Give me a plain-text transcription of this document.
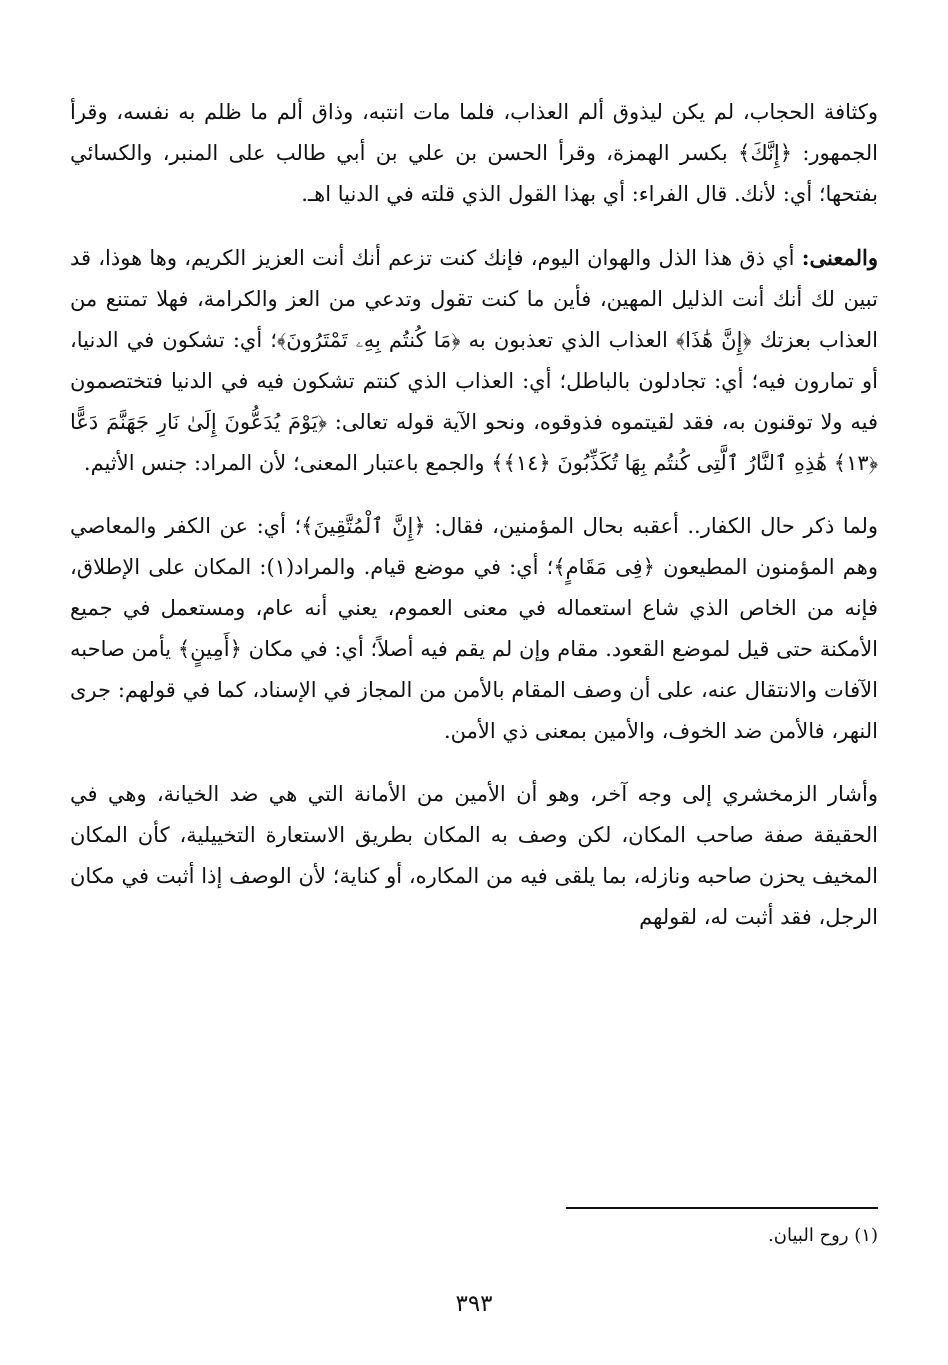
وكثافة الحجاب، لم يكن ليذوق ألم العذاب، فلما مات انتبه، وذاق ألم ما ظلم به نفسه، وقرأ الجمهور: ﴿إِنَّكَ﴾ بكسر الهمزة، وقرأ الحسن بن علي بن أبي طالب على المنبر، والكسائي بفتحها؛ أي: لأنك. قال الفراء: أي بهذا القول الذي قلته في الدنيا اهـ.

والمعنى: أي ذق هذا الذل والهوان اليوم، فإنك كنت تزعم أنك أنت العزيز الكريم، وها هوذا، قد تبين لك أنك أنت الذليل المهين، فأين ما كنت تقول وتدعي من العز والكرامة، فهلا تمتنع من العذاب بعزتك ﴿إِنَّ هَٰذَا﴾ العذاب الذي تعذبون به ﴿مَا كُنتُم بِهِۦ تَمْتَرُونَ﴾؛ أي: تشكون في الدنيا، أو تمارون فيه؛ أي: تجادلون بالباطل؛ أي: العذاب الذي كنتم تشكون فيه في الدنيا فتختصمون فيه ولا توقنون به، فقد لقيتموه فذوقوه، ونحو الآية قوله تعالى: ﴿يَوْمَ يُدَعُّونَ إِلَىٰ نَارِ جَهَنَّمَ دَعًّا ﴿١٣﴾ هَٰذِهِ ٱلنَّارُ ٱلَّتِى كُنتُم بِهَا تُكَذِّبُونَ ﴿١٤﴾﴾ والجمع باعتبار المعنى؛ لأن المراد: جنس الأثيم.

ولما ذكر حال الكفار.. أعقبه بحال المؤمنين، فقال: ﴿إِنَّ ٱلْمُتَّقِينَ﴾؛ أي: عن الكفر والمعاصي وهم المؤمنون المطيعون ﴿فِى مَقَامٍ﴾؛ أي: في موضع قيام. والمراد(١): المكان على الإطلاق، فإنه من الخاص الذي شاع استعماله في معنى العموم، يعني أنه عام، ومستعمل في جميع الأمكنة حتى قيل لموضع القعود. مقام وإن لم يقم فيه أصلاً؛ أي: في مكان ﴿أَمِينٍ﴾ يأمن صاحبه الآفات والانتقال عنه، على أن وصف المقام بالأمن من المجاز في الإسناد، كما في قولهم: جرى النهر، فالأمن ضد الخوف، والأمين بمعنى ذي الأمن.

وأشار الزمخشري إلى وجه آخر، وهو أن الأمين من الأمانة التي هي ضد الخيانة، وهي في الحقيقة صفة صاحب المكان، لكن وصف به المكان بطريق الاستعارة التخييلية، كأن المكان المخيف يحزن صاحبه ونازله، بما يلقى فيه من المكاره، أو كناية؛ لأن الوصف إذا أثبت في مكان الرجل، فقد أثبت له، لقولهم

(١) روح البيان.

٣٩٣
